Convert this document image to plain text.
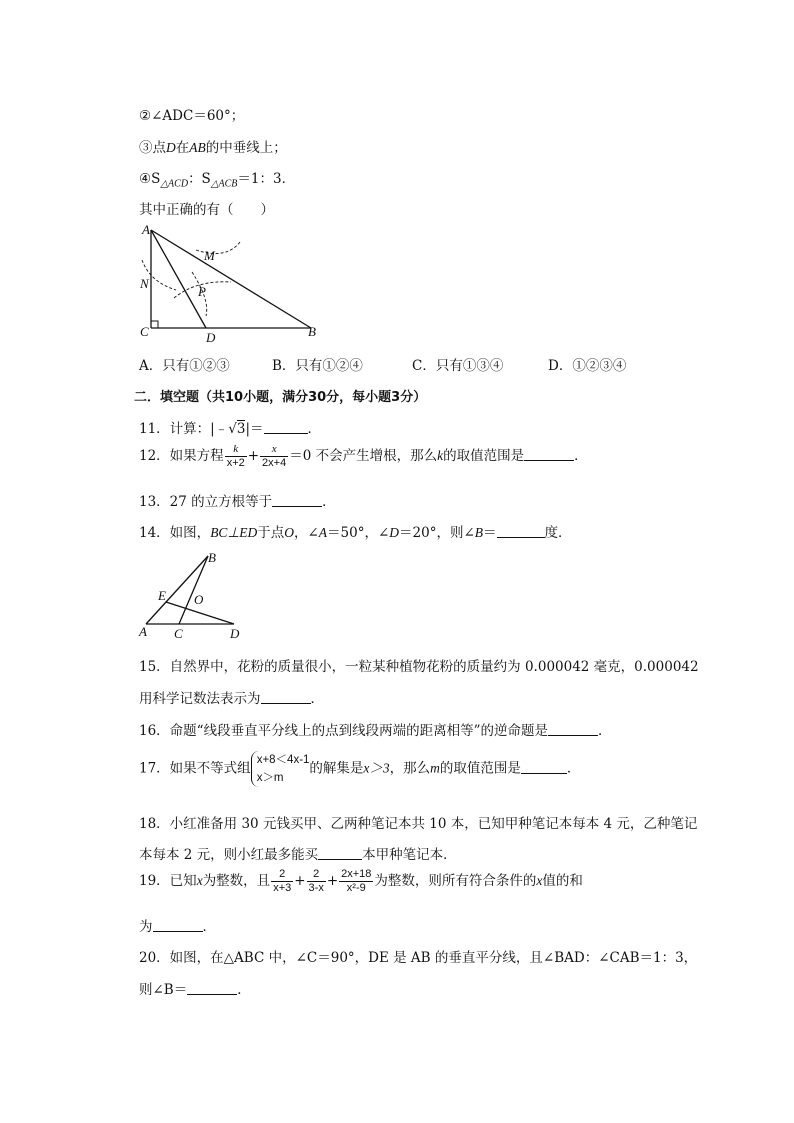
②∠ADC＝60°；
③点D在AB的中垂线上；
$④S_{\triangle ACD}$：$S_{\triangle ACB}=1$：3．
其中正确的有（　　）
A
M
N
P
C	D	B
A．只有①②③	B．只有①②④	C．只有①③④	D．①②③④
二．填空题（共10小题，满分30分，每小题3分）
11．计算：|﹣√3|＝	．
12．如果方程 $\frac{k}{x+2} + \frac{x}{2x+4} =0$ 不会产生增根，那么k的取值范围是	．
13．27 的立方根等于	．
14．如图，BC⊥ED于点O，∠A＝50°，∠D＝20°，则∠B＝	度．
B
E O
A C	D
15．自然界中，花粉的质量很小，一粒某种植物花粉的质量约为 0.000042 毫克，0.000042
用科学记数法表示为	．
16．命题“线段垂直平分线上的点到线段两端的距离相等”的逆命题是	．
17．如果不等式组
x+8＜4x-1
x＞m
的解集是x＞3，那么m的取值范围是	．
18．小红准备用 30 元钱买甲、乙两种笔记本共 10 本，已知甲种笔记本每本 4 元，乙种笔记
本每本 2 元，则小红最多能买	本甲种笔记本．
19．已知x为整数，且 $\frac{2}{x+3} + \frac{2}{3-x} + \frac{2x+18}{\text{x²-9}}$ 为整数，则所有符合条件的x值的和
为	．
20．如图，在△ABC 中，∠C＝90°，DE 是 AB 的垂直平分线，且∠BAD：∠CAB＝1：3，
则∠B＝	．
